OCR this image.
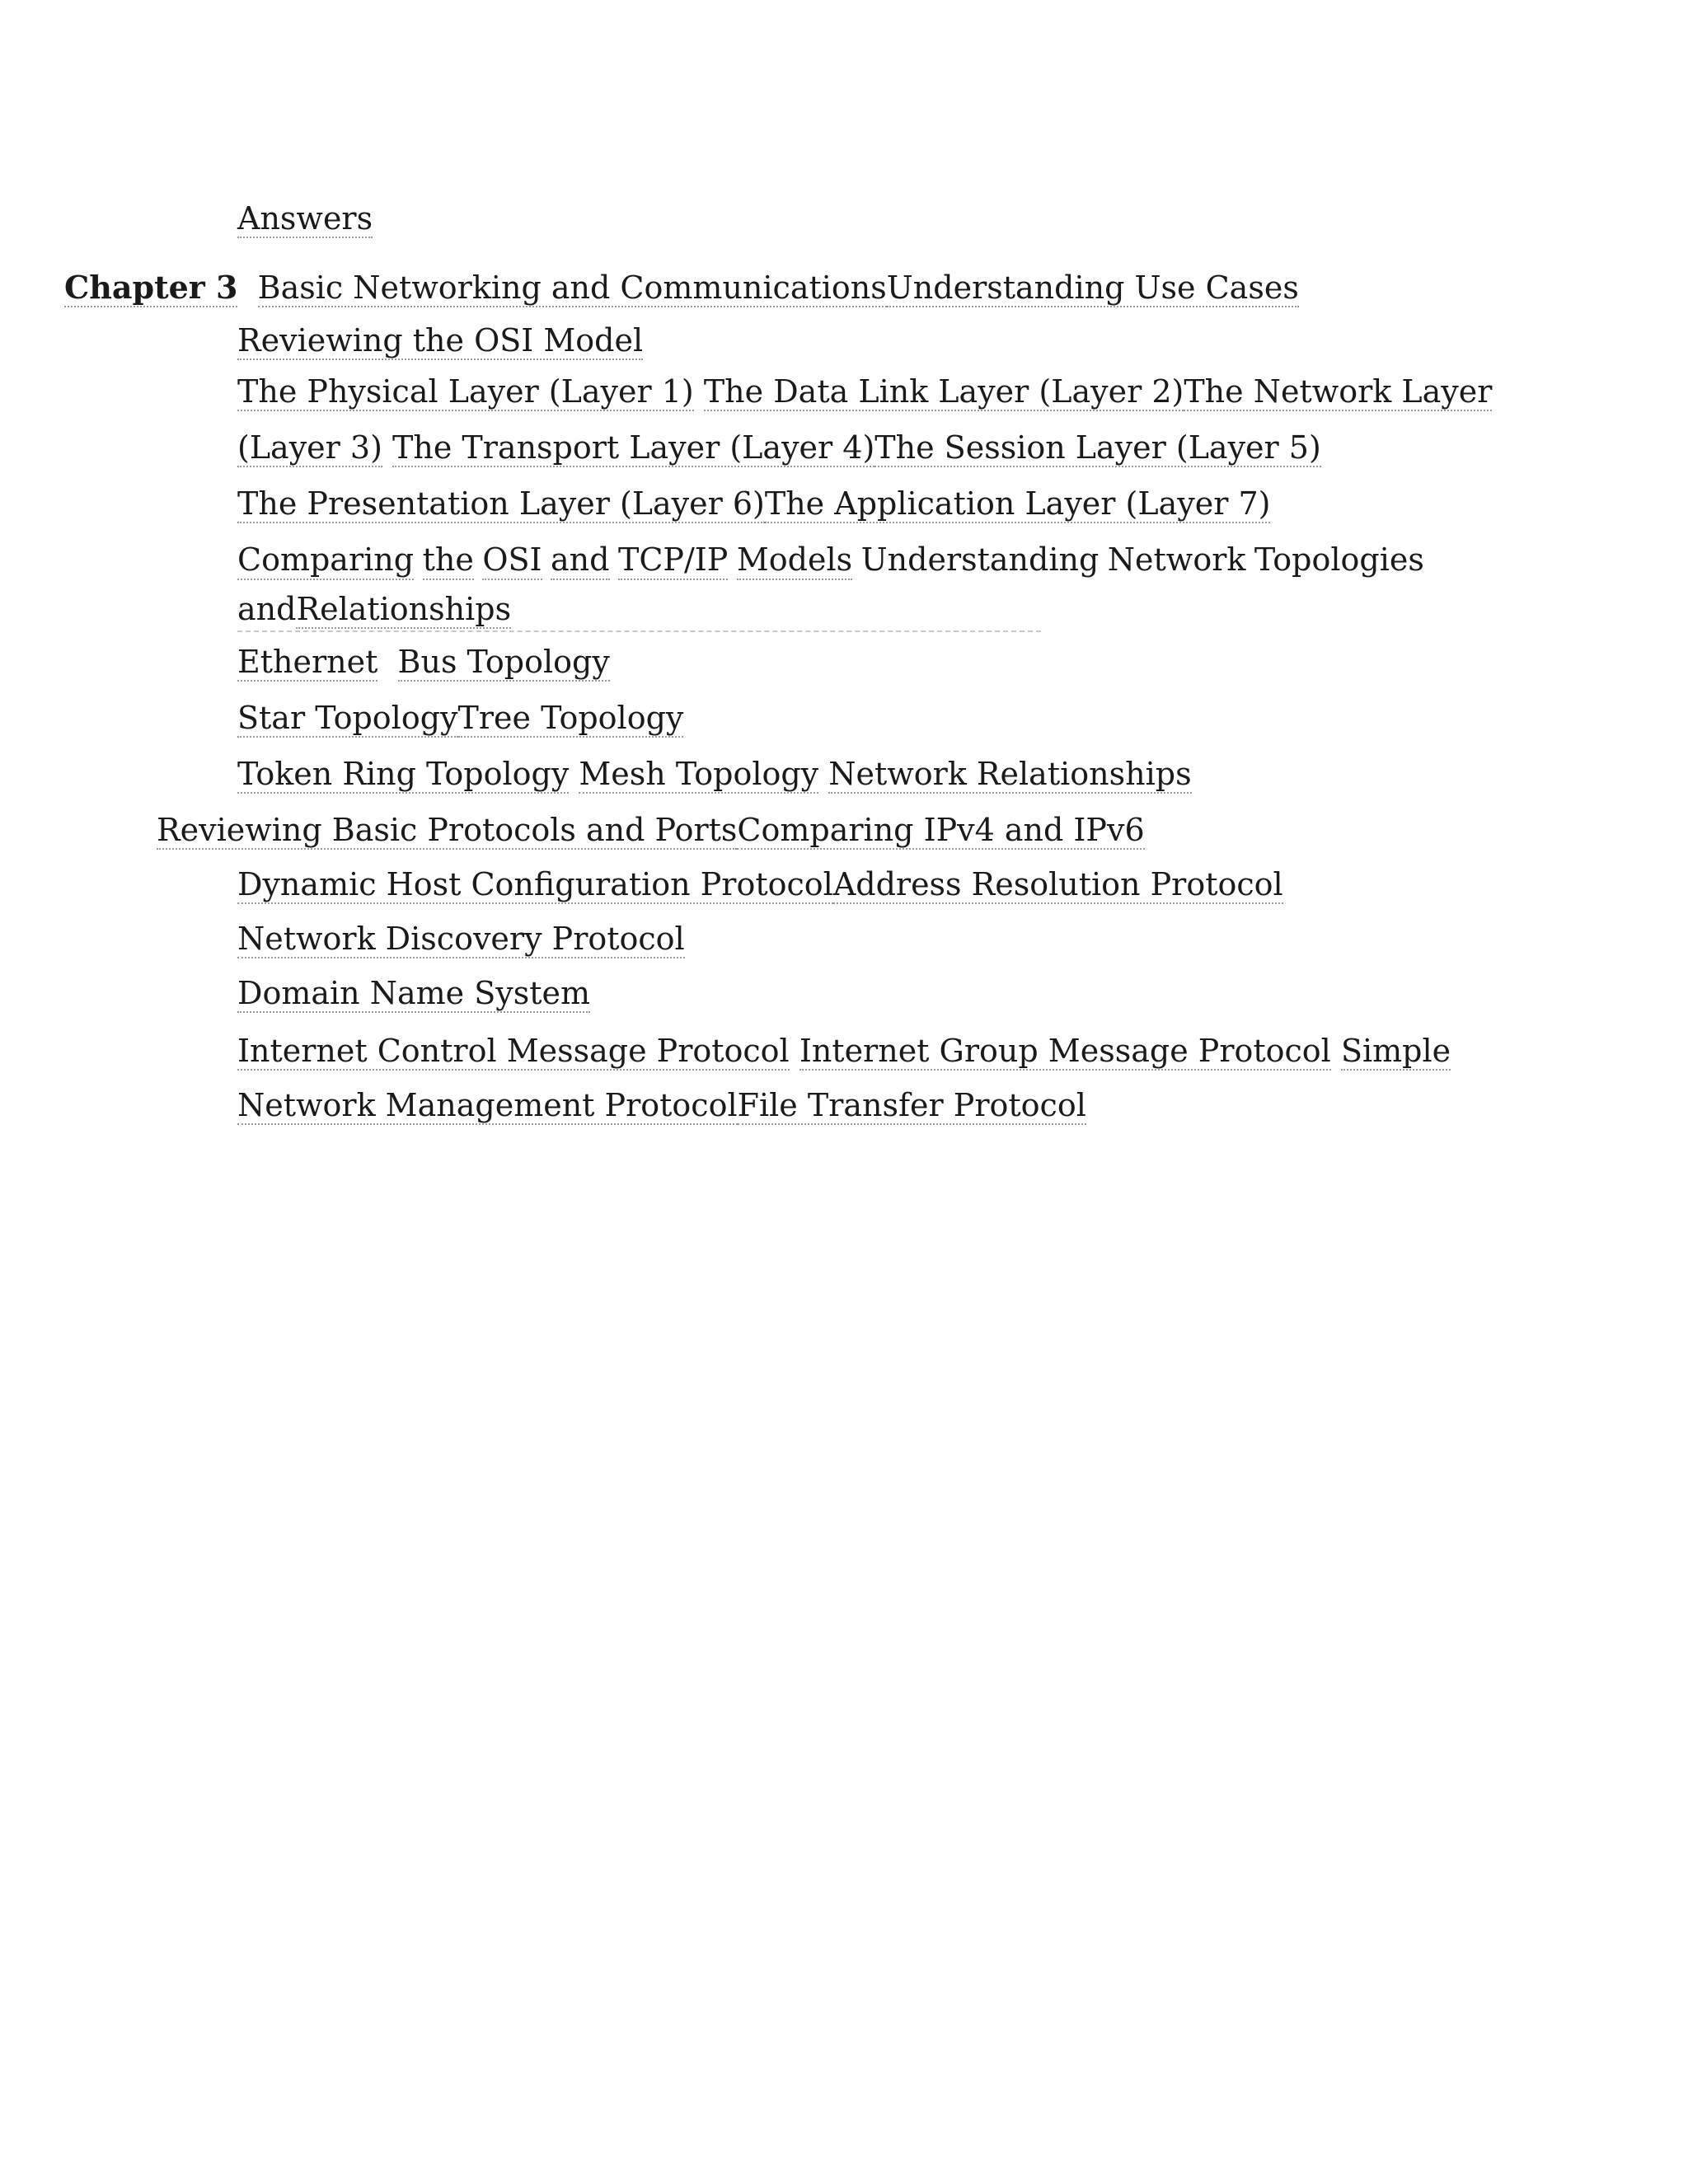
Answers
Chapter 3 Basic Networking and CommunicationsUnderstanding Use Cases
Reviewing the OSI Model
The Physical Layer (Layer 1) The Data Link Layer (Layer 2)The Network Layer
(Layer 3) The Transport Layer (Layer 4)The Session Layer (Layer 5)
The Presentation Layer (Layer 6)The Application Layer (Layer 7)
Comparing the OSI and TCP/IP Models Understanding Network Topologies
andRelationships
Ethernet Bus Topology
Star TopologyTree Topology
Token Ring Topology Mesh Topology Network Relationships
Reviewing Basic Protocols and PortsComparing IPv4 and IPv6
Dynamic Host Configuration ProtocolAddress Resolution Protocol
Network Discovery Protocol
Domain Name System
Internet Control Message Protocol Internet Group Message Protocol Simple
Network Management ProtocolFile Transfer Protocol
